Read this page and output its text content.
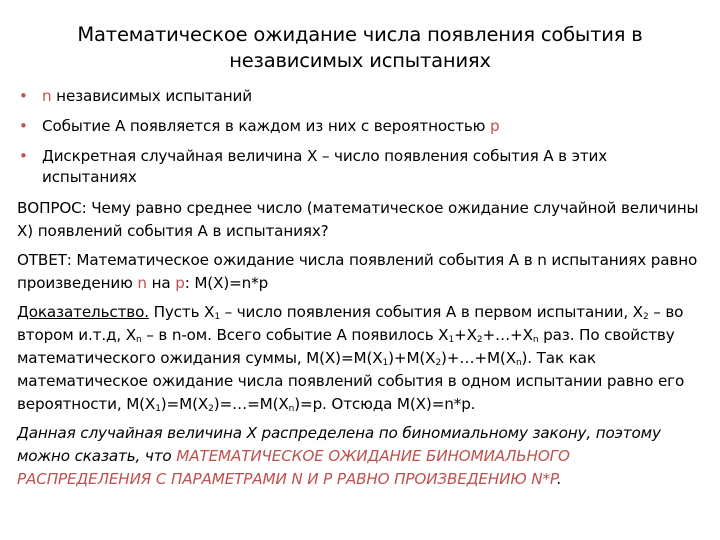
Математическое ожидание числа появления события в независимых испытаниях
• n независимых испытаний
• Событие А появляется в каждом из них с вероятностью p
• Дискретная случайная величина Х – число появления события А в этих испытаниях

ВОПРОС: Чему равно среднее число (математическое ожидание случайной величины Х) появлений события А в испытаниях?

ОТВЕТ: Математическое ожидание числа появлений события А в n испытаниях равно произведению n на p: М(Х)=n*p

Доказательство. Пусть $Х_1$ – число появления события А в первом испытании, $Х_2$ – во втором и.т.д, $Х_n$ – в n-ом. Всего событие А появилось $Х_1+Х_2+\dots+Х_n$ раз. По свойству математического ожидания суммы, $М(Х)=М(Х_1)+М(Х_2)+\dots+М(Х_n)$. Так как математическое ожидание числа появлений события в одном испытании равно его вероятности, $М(Х_1)=М(Х_2)=\dots=М(Х_n)=р$. Отсюда М(Х)=n*p.

Данная случайная величина Х распределена по биномиальному закону, поэтому можно сказать, что МАТЕМАТИЧЕСКОЕ ОЖИДАНИЕ БИНОМИАЛЬНОГО РАСПРЕДЕЛЕНИЯ С ПАРАМЕТРАМИ N И P РАВНО ПРОИЗВЕДЕНИЮ N*P.
